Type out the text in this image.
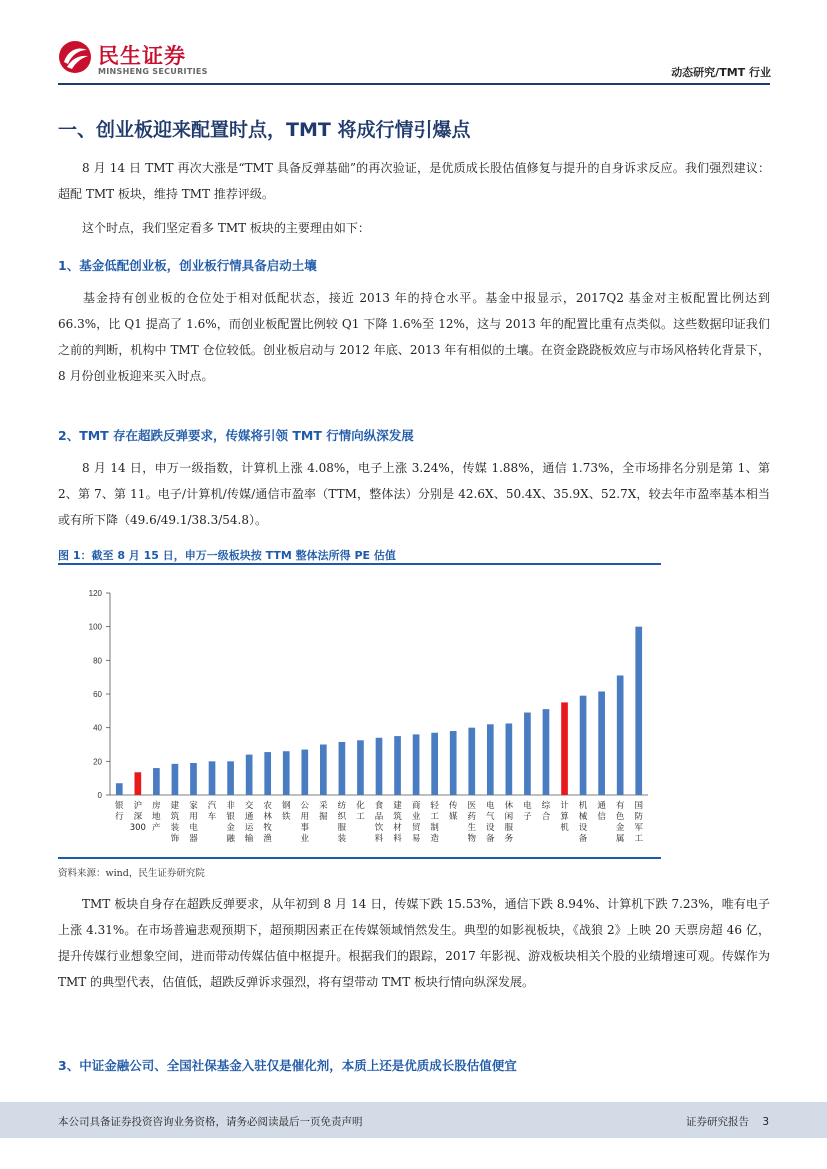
民生证券
MINSHENG SECURITIES	动态研究/TMT 行业
一、创业板迎来配置时点，TMT 将成行情引爆点
8 月 14 日 TMT 再次大涨是“TMT 具备反弹基础”的再次验证，是优质成长股估值修复与提升的自身诉求反应。我们强烈建议：超配 TMT 板块，维持 TMT 推荐评级。
这个时点，我们坚定看多 TMT 板块的主要理由如下：
1、基金低配创业板，创业板行情具备启动土壤
基金持有创业板的仓位处于相对低配状态，接近 2013 年的持仓水平。基金中报显示，2017Q2 基金对主板配置比例达到 66.3%，比 Q1 提高了 1.6%，而创业板配置比例较 Q1 下降 1.6%至 12%，这与 2013 年的配置比重有点类似。这些数据印证我们之前的判断，机构中 TMT 仓位较低。创业板启动与 2012 年底、2013 年有相似的土壤。在资金跷跷板效应与市场风格转化背景下，8 月份创业板迎来买入时点。
2、TMT 存在超跌反弹要求，传媒将引领 TMT 行情向纵深发展
8 月 14 日，申万一级指数，计算机上涨 4.08%，电子上涨 3.24%，传媒 1.88%，通信 1.73%，全市场排名分别是第 1、第 2、第 7、第 11。电子/计算机/传媒/通信市盈率（TTM，整体法）分别是 42.6X、50.4X、35.9X、52.7X，较去年市盈率基本相当或有所下降（49.6/49.1/38.3/54.8）。
图 1：截至 8 月 15 日，申万一级板块按 TTM 整体法所得 PE 估值
0
20
40
60
80
100
120
银行
沪深 300
房地产
建筑装饰
家用电器
汽车
非银金融
交通运输
农林牧渔
钢铁
公用事业
采掘
纺织服装
化工
食品饮料
建筑材料
商业贸易
轻工制造
传媒
医药生物
电气设备
休闲服务
电子
综合
计算机
机械设备
通信
有色金属
国防军工
资料来源：wind，民生证券研究院
TMT 板块自身存在超跌反弹要求，从年初到 8 月 14 日，传媒下跌 15.53%，通信下跌 8.94%、计算机下跌 7.23%，唯有电子上涨 4.31%。在市场普遍悲观预期下，超预期因素正在传媒领域悄然发生。典型的如影视板块，《战狼 2》上映 20 天票房超 46 亿，提升传媒行业想象空间，进而带动传媒估值中枢提升。根据我们的跟踪，2017 年影视、游戏板块相关个股的业绩增速可观。传媒作为 TMT 的典型代表，估值低，超跌反弹诉求强烈，将有望带动 TMT 板块行情向纵深发展。
3、中证金融公司、全国社保基金入驻仅是催化剂，本质上还是优质成长股估值便宜
本公司具备证券投资咨询业务资格，请务必阅读最后一页免责声明	证券研究报告 3
